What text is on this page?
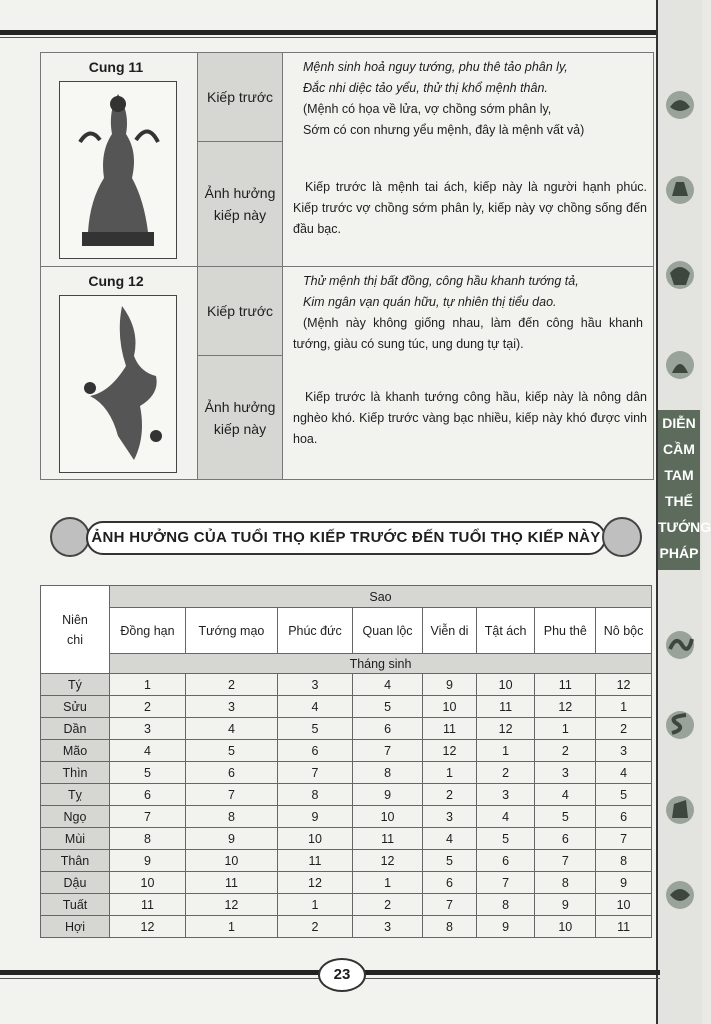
DIỄN
CẦM
TAM
THẾ
TƯỚNG
PHÁP
Cung 11
Kiếp trước
Mệnh sinh hoả nguy tướng, phu thê tảo phân ly,
Đắc nhi diệc tảo yểu, thử thị khổ mệnh thân.
(Mệnh có họa về lửa, vợ chồng sớm phân ly,
Sớm có con nhưng yểu mệnh, đây là mệnh vất vả)
Ảnh hưởng kiếp này
Kiếp trước là mệnh tai ách, kiếp này là người hạnh phúc. Kiếp trước vợ chồng sớm phân ly, kiếp này vợ chồng sống đến đầu bạc.
Cung 12
Kiếp trước
Thử mệnh thị bất đồng, công hầu khanh tướng tả,
Kim ngân vạn quán hữu, tự nhiên thị tiểu dao.
(Mệnh này không giống nhau, làm đến công hầu khanh tướng, giàu có sung túc, ung dung tự tại).
Ảnh hưởng kiếp này
Kiếp trước là khanh tướng công hầu, kiếp này là nông dân nghèo khó. Kiếp trước vàng bạc nhiều, kiếp này khó được vinh hoa.
ẢNH HƯỞNG CỦA TUỔI THỌ KIẾP TRƯỚC ĐẾN TUỔI THỌ KIẾP NÀY
Niên chi	Sao							
	Đồng hạn	Tướng mạo	Phúc đức	Quan lộc	Viễn di	Tật ách	Phu thê	Nô bộc
	Tháng sinh							
Tý	1	2	3	4	9	10	11	12
Sửu	2	3	4	5	10	11	12	1
Dần	3	4	5	6	11	12	1	2
Mão	4	5	6	7	12	1	2	3
Thìn	5	6	7	8	1	2	3	4
Tỵ	6	7	8	9	2	3	4	5
Ngọ	7	8	9	10	3	4	5	6
Mùi	8	9	10	11	4	5	6	7
Thân	9	10	11	12	5	6	7	8
Dậu	10	11	12	1	6	7	8	9
Tuất	11	12	1	2	7	8	9	10
Hợi	12	1	2	3	8	9	10	11
23
